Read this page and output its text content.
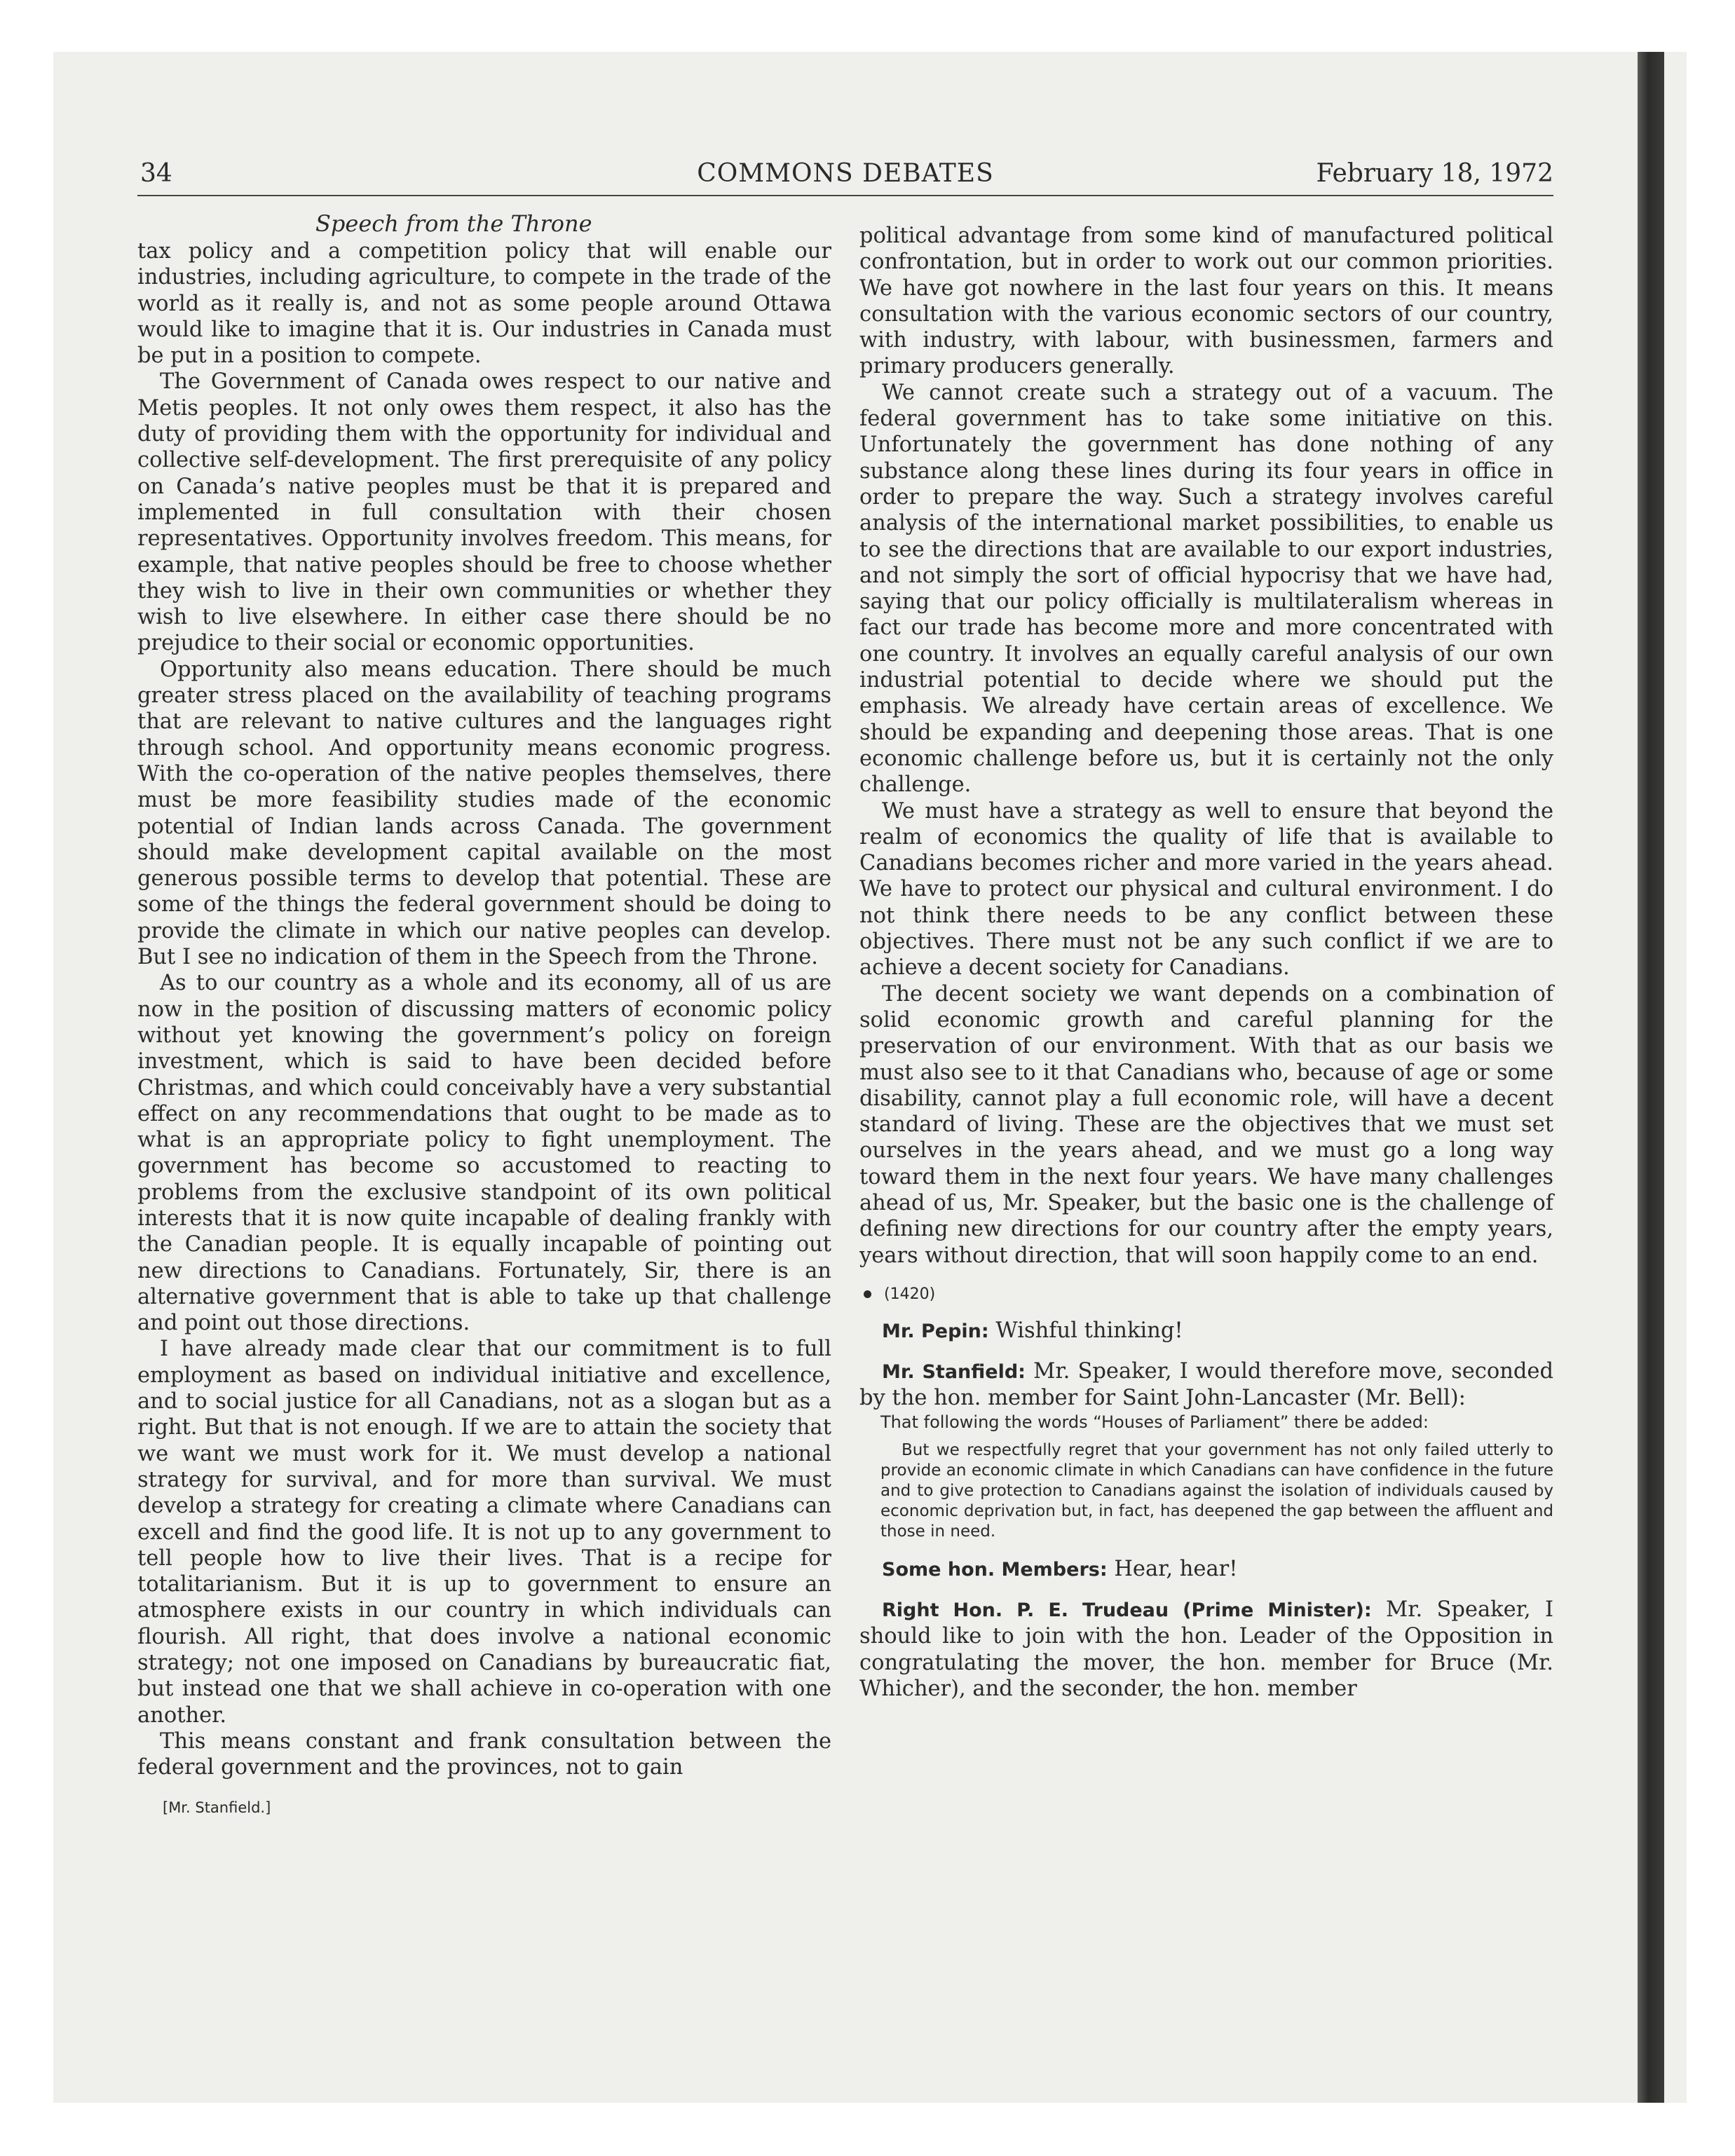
34	COMMONS DEBATES	February 18, 1972
Speech from the Throne

tax policy and a competition policy that will enable our industries, including agriculture, to compete in the trade of the world as it really is, and not as some people around Ottawa would like to imagine that it is. Our industries in Canada must be put in a position to compete.

The Government of Canada owes respect to our native and Metis peoples. It not only owes them respect, it also has the duty of providing them with the opportunity for individual and collective self-development. The first prerequisite of any policy on Canada’s native peoples must be that it is prepared and implemented in full consultation with their chosen representatives. Opportunity involves freedom. This means, for example, that native peoples should be free to choose whether they wish to live in their own communities or whether they wish to live elsewhere. In either case there should be no prejudice to their social or economic opportunities.

Opportunity also means education. There should be much greater stress placed on the availability of teaching programs that are relevant to native cultures and the languages right through school. And opportunity means economic progress. With the co-operation of the native peoples themselves, there must be more feasibility studies made of the economic potential of Indian lands across Canada. The government should make development capital available on the most generous possible terms to develop that potential. These are some of the things the federal government should be doing to provide the climate in which our native peoples can develop. But I see no indication of them in the Speech from the Throne.

As to our country as a whole and its economy, all of us are now in the position of discussing matters of economic policy without yet knowing the government’s policy on foreign investment, which is said to have been decided before Christmas, and which could conceivably have a very substantial effect on any recommendations that ought to be made as to what is an appropriate policy to fight unemployment. The government has become so accustomed to reacting to problems from the exclusive standpoint of its own political interests that it is now quite incapable of dealing frankly with the Canadian people. It is equally incapable of pointing out new directions to Canadians. Fortunately, Sir, there is an alternative government that is able to take up that challenge and point out those directions.

I have already made clear that our commitment is to full employment as based on individual initiative and excellence, and to social justice for all Canadians, not as a slogan but as a right. But that is not enough. If we are to attain the society that we want we must work for it. We must develop a national strategy for survival, and for more than survival. We must develop a strategy for creating a climate where Canadians can excell and find the good life. It is not up to any government to tell people how to live their lives. That is a recipe for totalitarianism. But it is up to government to ensure an atmosphere exists in our country in which individuals can flourish. All right, that does involve a national economic strategy; not one imposed on Canadians by bureaucratic fiat, but instead one that we shall achieve in co-operation with one another.

This means constant and frank consultation between the federal government and the provinces, not to gain

[Mr. Stanfield.]

political advantage from some kind of manufactured political confrontation, but in order to work out our common priorities. We have got nowhere in the last four years on this. It means consultation with the various economic sectors of our country, with industry, with labour, with businessmen, farmers and primary producers generally.

We cannot create such a strategy out of a vacuum. The federal government has to take some initiative on this. Unfortunately the government has done nothing of any substance along these lines during its four years in office in order to prepare the way. Such a strategy involves careful analysis of the international market possibilities, to enable us to see the directions that are available to our export industries, and not simply the sort of official hypocrisy that we have had, saying that our policy officially is multilateralism whereas in fact our trade has become more and more concentrated with one country. It involves an equally careful analysis of our own industrial potential to decide where we should put the emphasis. We already have certain areas of excellence. We should be expanding and deepening those areas. That is one economic challenge before us, but it is certainly not the only challenge.

We must have a strategy as well to ensure that beyond the realm of economics the quality of life that is available to Canadians becomes richer and more varied in the years ahead. We have to protect our physical and cultural environment. I do not think there needs to be any conflict between these objectives. There must not be any such conflict if we are to achieve a decent society for Canadians.

The decent society we want depends on a combination of solid economic growth and careful planning for the preservation of our environment. With that as our basis we must also see to it that Canadians who, because of age or some disability, cannot play a full economic role, will have a decent standard of living. These are the objectives that we must set ourselves in the years ahead, and we must go a long way toward them in the next four years. We have many challenges ahead of us, Mr. Speaker, but the basic one is the challenge of defining new directions for our country after the empty years, years without direction, that will soon happily come to an end.

(1420)

Mr. Pepin: Wishful thinking!

Mr. Stanfield: Mr. Speaker, I would therefore move, seconded by the hon. member for Saint John-Lancaster (Mr. Bell):

That following the words “Houses of Parliament” there be added:

But we respectfully regret that your government has not only failed utterly to provide an economic climate in which Canadians can have confidence in the future and to give protection to Canadians against the isolation of individuals caused by economic deprivation but, in fact, has deepened the gap between the affluent and those in need.

Some hon. Members: Hear, hear!

Right Hon. P. E. Trudeau (Prime Minister): Mr. Speaker, I should like to join with the hon. Leader of the Opposition in congratulating the mover, the hon. member for Bruce (Mr. Whicher), and the seconder, the hon. member
